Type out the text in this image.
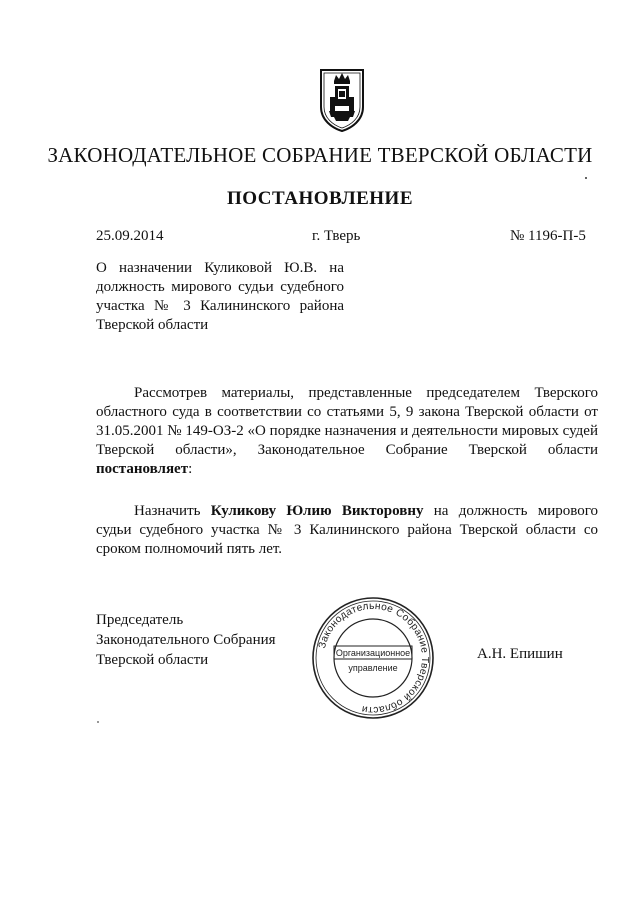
ЗАКОНОДАТЕЛЬНОЕ СОБРАНИЕ ТВЕРСКОЙ ОБЛАСТИ
ПОСТАНОВЛЕНИЕ
25.09.2014	г. Тверь	№ 1196-П-5
О назначении Куликовой Ю.В. на должность мирового судьи судебного участка № 3 Калининского района Тверской области
Рассмотрев материалы, представленные председателем Тверского областного суда в соответствии со статьями 5, 9 закона Тверской области от 31.05.2001 № 149-ОЗ-2 «О порядке назначения и деятельности мировых судей Тверской области», Законодательное Собрание Тверской области постановляет:
Назначить Куликову Юлию Викторовну на должность мирового судьи судебного участка № 3 Калининского района Тверской области со сроком полномочий пять лет.
Председатель
Законодательного Собрания
Тверской области
Законодательное Собрание Тверской области
Организационное
управление
А.Н. Епишин
